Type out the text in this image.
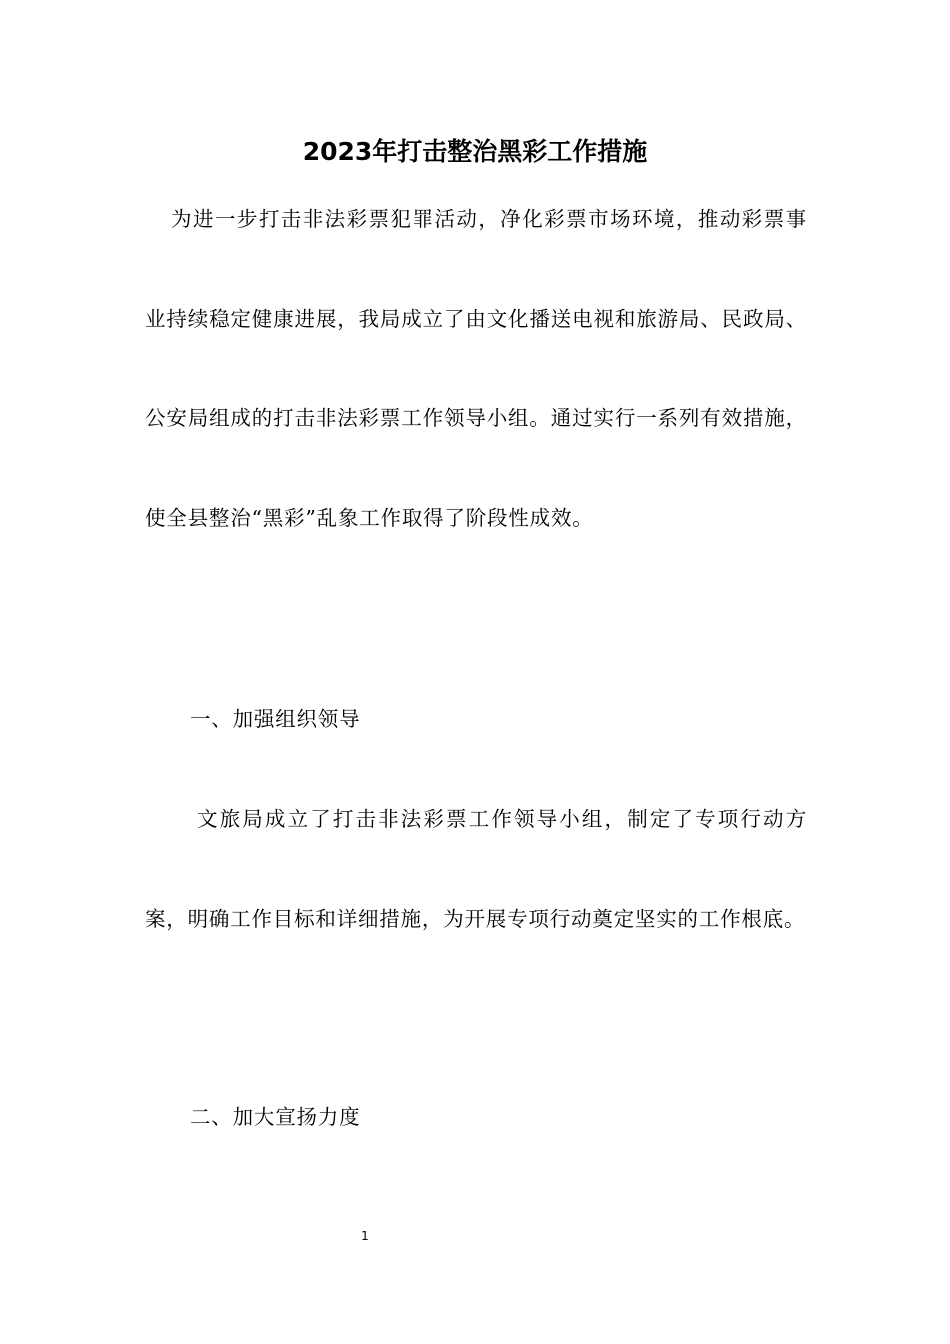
2023年打击整治黑彩工作措施

为进一步打击非法彩票犯罪活动，净化彩票市场环境，推动彩票事业持续稳定健康进展，我局成立了由文化播送电视和旅游局、民政局、公安局组成的打击非法彩票工作领导小组。通过实行一系列有效措施，使全县整治“黑彩”乱象工作取得了阶段性成效。

一、加强组织领导

文旅局成立了打击非法彩票工作领导小组，制定了专项行动方案，明确工作目标和详细措施，为开展专项行动奠定坚实的工作根底。

二、加大宣扬力度

1
